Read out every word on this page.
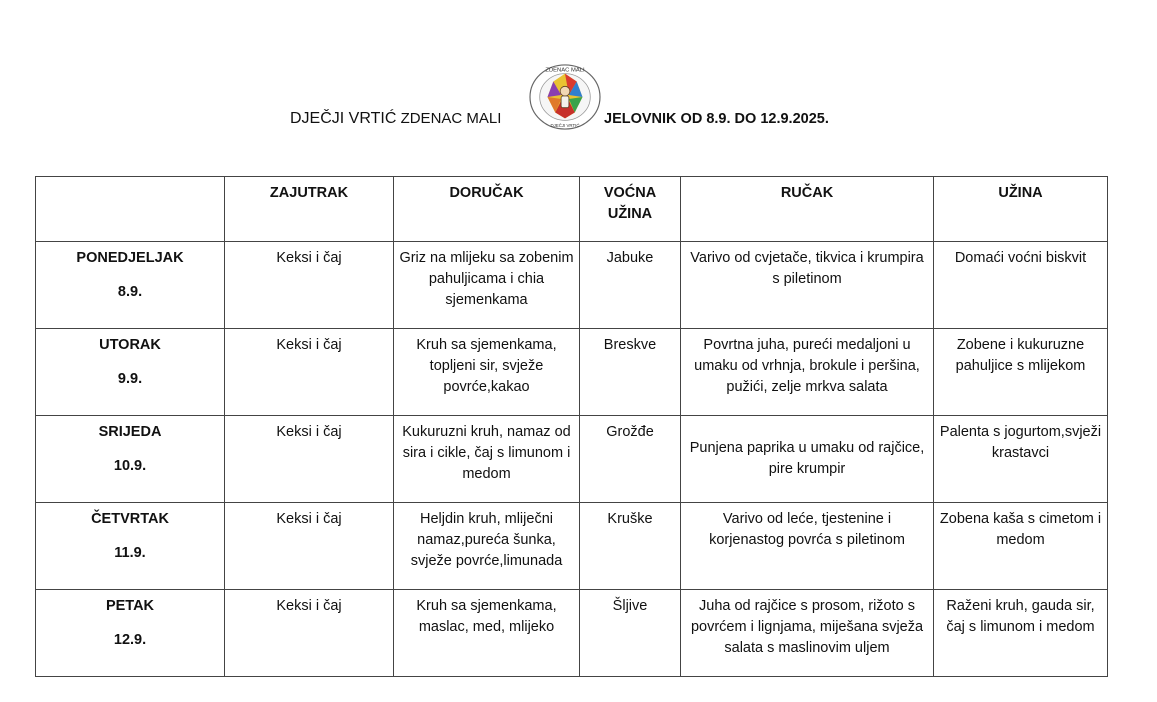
DJEČJI VRTIĆ ZDENAC MALI
ZDENAC MALI
DJEČJI VRTIĆ JELOVNIK OD 8.9. DO 12.9.2025.
	ZAJUTRAK	DORUČAK	VOĆNA UŽINA	RUČAK	UŽINA
PONEDJELJAK
8.9.	Keksi i čaj	Griz na mlijeku sa zobenim pahuljicama i chia sjemenkama	Jabuke	Varivo od cvjetače, tikvica i krumpira s piletinom	Domaći voćni biskvit
UTORAK
9.9.	Keksi i čaj	Kruh sa sjemenkama, topljeni sir, svježe povrće,kakao	Breskve	Povrtna juha, pureći medaljoni u umaku od vrhnja, brokule i peršina, pužići, zelje mrkva salata	Zobene i kukuruzne pahuljice s mlijekom
SRIJEDA
10.9.	Keksi i čaj	Kukuruzni kruh, namaz od sira i cikle, čaj s limunom i medom	Grožđe	Punjena paprika u umaku od rajčice, pire krumpir	Palenta s jogurtom,svježi krastavci
ČETVRTAK
11.9.	Keksi i čaj	Heljdin kruh, mliječni namaz,pureća šunka, svježe povrće,limunada	Kruške	Varivo od leće, tjestenine i korjenastog povrća s piletinom	Zobena kaša s cimetom i medom
PETAK
12.9.	Keksi i čaj	Kruh sa sjemenkama, maslac, med, mlijeko	Šljive	Juha od rajčice s prosom, rižoto s povrćem i lignjama, miješana svježa salata s maslinovim uljem	Raženi kruh, gauda sir, čaj s limunom i medom
